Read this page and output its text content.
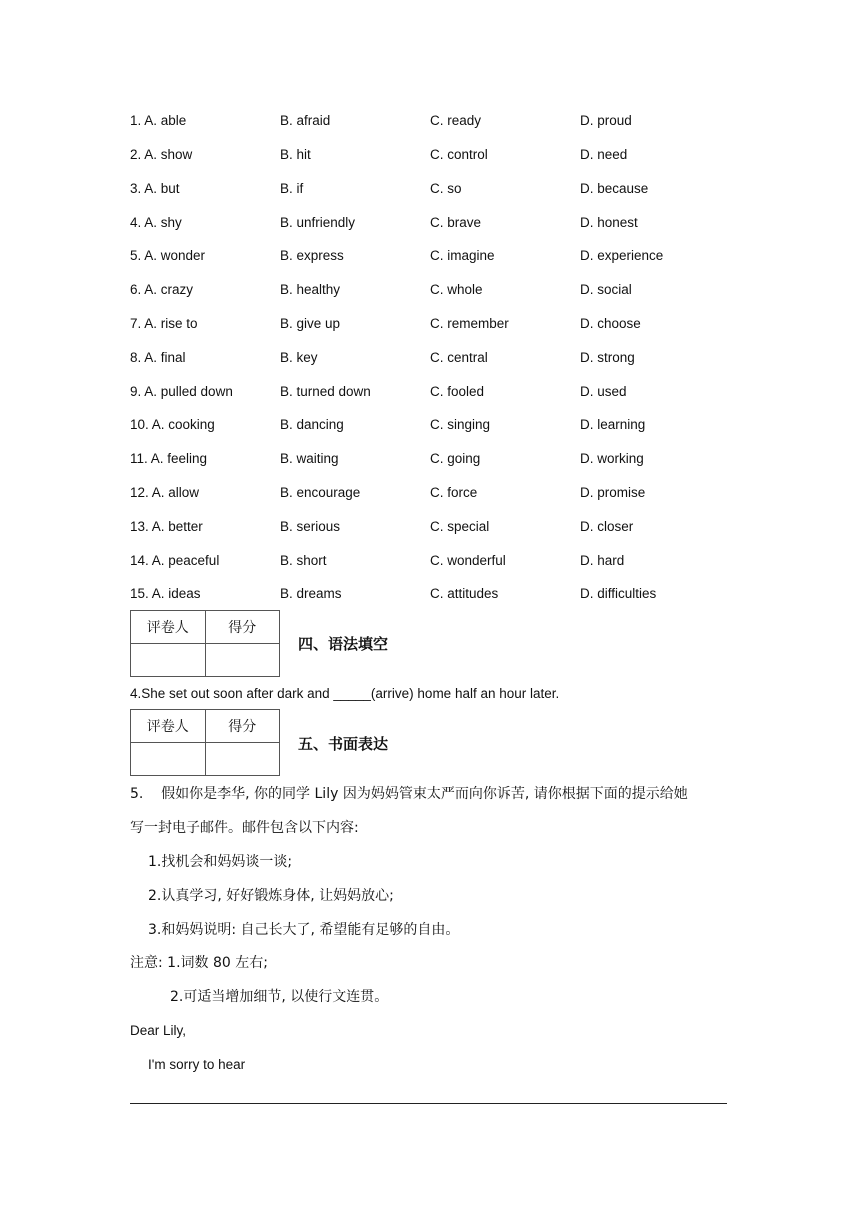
1. A. able	B. afraid	C. ready	D. proud
2. A. show	B. hit	C. control	D. need
3. A. but	B. if	C. so	D. because
4. A. shy	B. unfriendly	C. brave	D. honest
5. A. wonder	B. express	C. imagine	D. experience
6. A. crazy	B. healthy	C. whole	D. social
7. A. rise to	B. give up	C. remember	D. choose
8. A. final	B. key	C. central	D. strong
9. A. pulled down	B. turned down	C. fooled	D. used
10. A. cooking	B. dancing	C. singing	D. learning
11. A. feeling	B. waiting	C. going	D. working
12. A. allow	B. encourage	C. force	D. promise
13. A. better	B. serious	C. special	D. closer
14. A. peaceful	B. short	C. wonderful	D. hard
15. A. ideas	B. dreams	C. attitudes	D. difficulties
评卷人	得分

四、语法填空
4.She set out soon after dark and _____(arrive) home half an hour later.
评卷人	得分

五、书面表达
5.    假如你是李华, 你的同学 Lily 因为妈妈管束太严而向你诉苦, 请你根据下面的提示给她
写一封电子邮件。邮件包含以下内容:
1.找机会和妈妈谈一谈;
2.认真学习, 好好锻炼身体, 让妈妈放心;
3.和妈妈说明: 自己长大了, 希望能有足够的自由。
注意: 1.词数 80 左右;
2.可适当增加细节, 以使行文连贯。
Dear Lily,
I'm sorry to hear
